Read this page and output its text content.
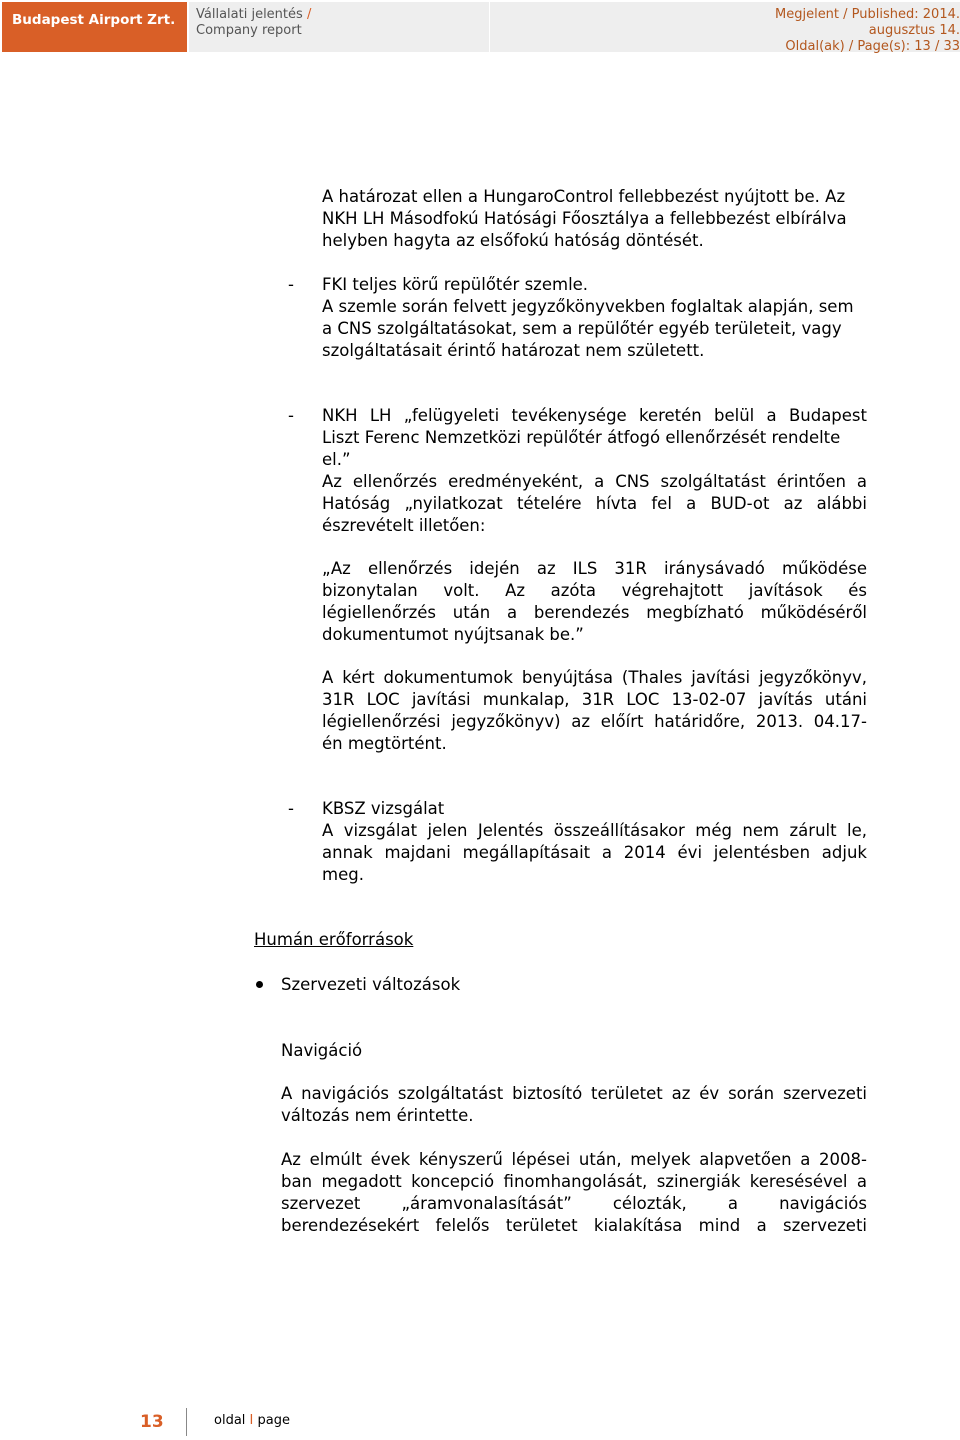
Budapest Airport Zrt.	Vállalati jelentés /
Company report
Megjelent / Published: 2014.
augusztus 14.
Oldal(ak) / Page(s): 13 / 33
A határozat ellen a HungaroControl fellebbezést nyújtott be. Az
NKH LH Másodfokú Hatósági Főosztálya a fellebbezést elbírálva
helyben hagyta az elsőfokú hatóság döntését.
- FKI teljes körű repülőtér szemle.
A szemle során felvett jegyzőkönyvekben foglaltak alapján, sem
a CNS szolgáltatásokat, sem a repülőtér egyéb területeit, vagy
szolgáltatásait érintő határozat nem született.
- NKH LH „felügyeleti tevékenysége keretén belül a Budapest
Liszt Ferenc Nemzetközi repülőtér átfogó ellenőrzését rendelte
el.”
Az ellenőrzés eredményeként, a CNS szolgáltatást érintően a
Hatóság „nyilatkozat tételére hívta fel a BUD-ot az alábbi
észrevételt illetően:
„Az ellenőrzés idején az ILS 31R iránysávadó működése
bizonytalan volt. Az azóta végrehajtott javítások és
légiellenőrzés után a berendezés megbízható működéséről
dokumentumot nyújtsanak be.”
A kért dokumentumok benyújtása (Thales javítási jegyzőkönyv,
31R LOC javítási munkalap, 31R LOC 13-02-07 javítás utáni
légiellenőrzési jegyzőkönyv) az előírt határidőre, 2013. 04.17-
én megtörtént.
- KBSZ vizsgálat
A vizsgálat jelen Jelentés összeállításakor még nem zárult le,
annak majdani megállapításait a 2014 évi jelentésben adjuk
meg.
Humán erőforrások
Szervezeti változások
Navigáció
A navigációs szolgáltatást biztosító területet az év során szervezeti
változás nem érintette.
Az elmúlt évek kényszerű lépései után, melyek alapvetően a 2008-
ban megadott koncepció finomhangolását, szinergiák keresésével a
szervezet „áramvonalasítását” célozták, a navigációs
berendezésekért felelős területet kialakítása mind a szervezeti
13	oldal I page
